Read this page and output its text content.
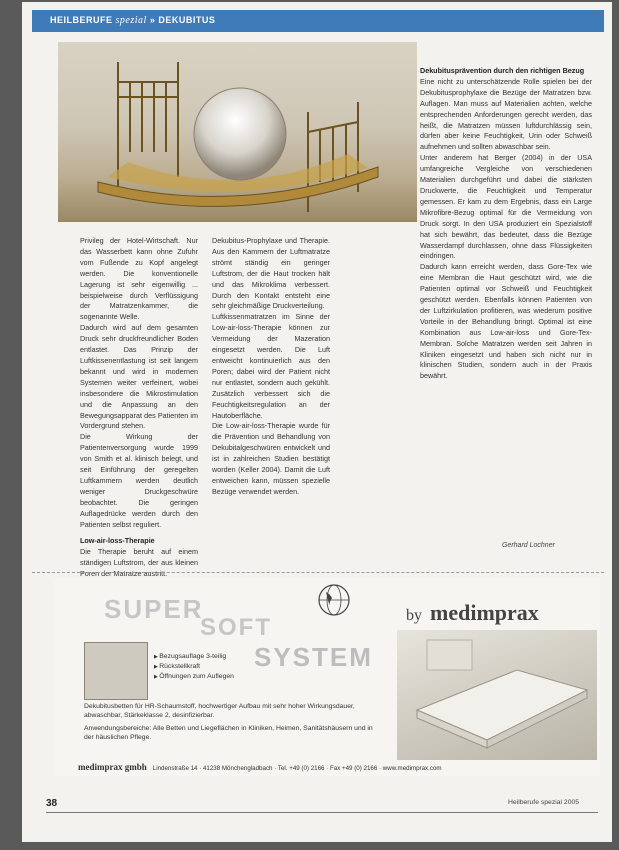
HEILBERUFE spezial » DEKUBITUS

Privileg der Hotel-Wirtschaft. Nur das Wasserbett kann ohne Zufuhr vom Fußende zu Kopf angelegt werden. Die konventionelle Lagerung ist sehr eigenwillig ... beispielweise durch Verflüssigung der Matratzenkammer, die sogenannte Welle.

Dadurch wird auf dem gesamten Druck sehr druckfreundlicher Boden entlastet. Das Prinzip der Luftkissenentlastung ist seit langem bekannt und wird in modernen Systemen weiter verfeinert, wobei insbesondere die Mikrostimulation und die Anpassung an den Bewegungsapparat des Patienten im Vordergrund stehen.

Die Wirkung der Patientenversorgung wurde 1999 von Smith et al. klinisch belegt, und seit Einführung der geregelten Luftkammern werden deutlich weniger Druckgeschwüre beobachtet. Die geringen Auflagedrücke werden durch den Patienten selbst reguliert.

Low-air-loss-Therapie

Die Therapie beruht auf einem ständigen Luftstrom, der aus kleinen Poren der Matratze austritt.

Dekubitus-Prophylaxe und Therapie. Aus den Kammern der Luftmatratze strömt ständig ein geringer Luftstrom, der die Haut trocken hält und das Mikroklima verbessert. Durch den Kontakt entsteht eine sehr gleichmäßige Druckverteilung.

Luftkissenmatratzen im Sinne der Low-air-loss-Therapie können zur Vermeidung der Mazeration eingesetzt werden. Die Luft entweicht kontinuierlich aus den Poren; dabei wird der Patient nicht nur entlastet, sondern auch gekühlt. Zusätzlich verbessert sich die Feuchtigkeitsregulation an der Hautoberfläche.

Die Low-air-loss-Therapie wurde für die Prävention und Behandlung von Dekubitalgeschwüren entwickelt und ist in zahlreichen Studien bestätigt worden (Keller 2004). Damit die Luft entweichen kann, müssen spezielle Bezüge verwendet werden.

Dekubitusprävention durch den richtigen Bezug

Eine nicht zu unterschätzende Rolle spielen bei der Dekubitusprophylaxe die Bezüge der Matratzen bzw. Auflagen. Man muss auf Materialien achten, welche entsprechenden Anforderungen gerecht werden, das heißt, die Matratzen müssen luftdurchlässig sein, dürfen aber keine Feuchtigkeit, Urin oder Schweiß aufnehmen und sollten abwaschbar sein.

Unter anderem hat Berger (2004) in der USA umfangreiche Vergleiche von verschiedenen Materialien durchgeführt und dabei die stärksten Druckwerte, die Feuchtigkeit und Temperatur gemessen. Er kam zu dem Ergebnis, dass ein Large Mikrofibre-Bezug optimal für die Vermeidung von Druck sorgt. In den USA produziert ein Spezialstoff hat sich bewährt, das bedeutet, dass die Bezüge Wasserdampf durchlassen, ohne dass Flüssigkeiten eindringen.

Dadurch kann erreicht werden, dass Gore-Tex wie eine Membran die Haut geschützt wird, wie die Patienten optimal vor Schweiß und Feuchtigkeit geschützt werden. Ebenfalls können Patienten von der Luftzirkulation profitieren, was wiederum positive Vorteile in der Behandlung bringt. Optimal ist eine Kombination aus Low-air-loss und Gore-Tex-Membran. Solche Matratzen werden seit Jahren in Kliniken eingesetzt und haben sich nicht nur in klinischen Studien, sondern auch in der Praxis bewährt.

Gerhard Lochner
SUPER
SOFT
SYSTEM
by medimprax
▶ Bezugsauflage 3-teilig
▶ Rückstellkraft
▶ Öffnungen zum Auflegen

Dekubitusbetten für HR-Schaumstoff, hochwertiger Aufbau mit sehr hoher Wirkungsdauer, abwaschbar, Stärkeklasse 2, desinfizierbar.

Anwendungsbereiche: Alle Betten und Liegeflächen in Kliniken, Heimen, Sanitätshäusern und in der häuslichen Pflege.

medimprax gmbh Lindenstraße 14 · 41238 Mönchengladbach · Tel. +49 (0) 2166 · Fax +49 (0) 2166 · www.medimprax.com
38	Heilberufe spezial 2005
